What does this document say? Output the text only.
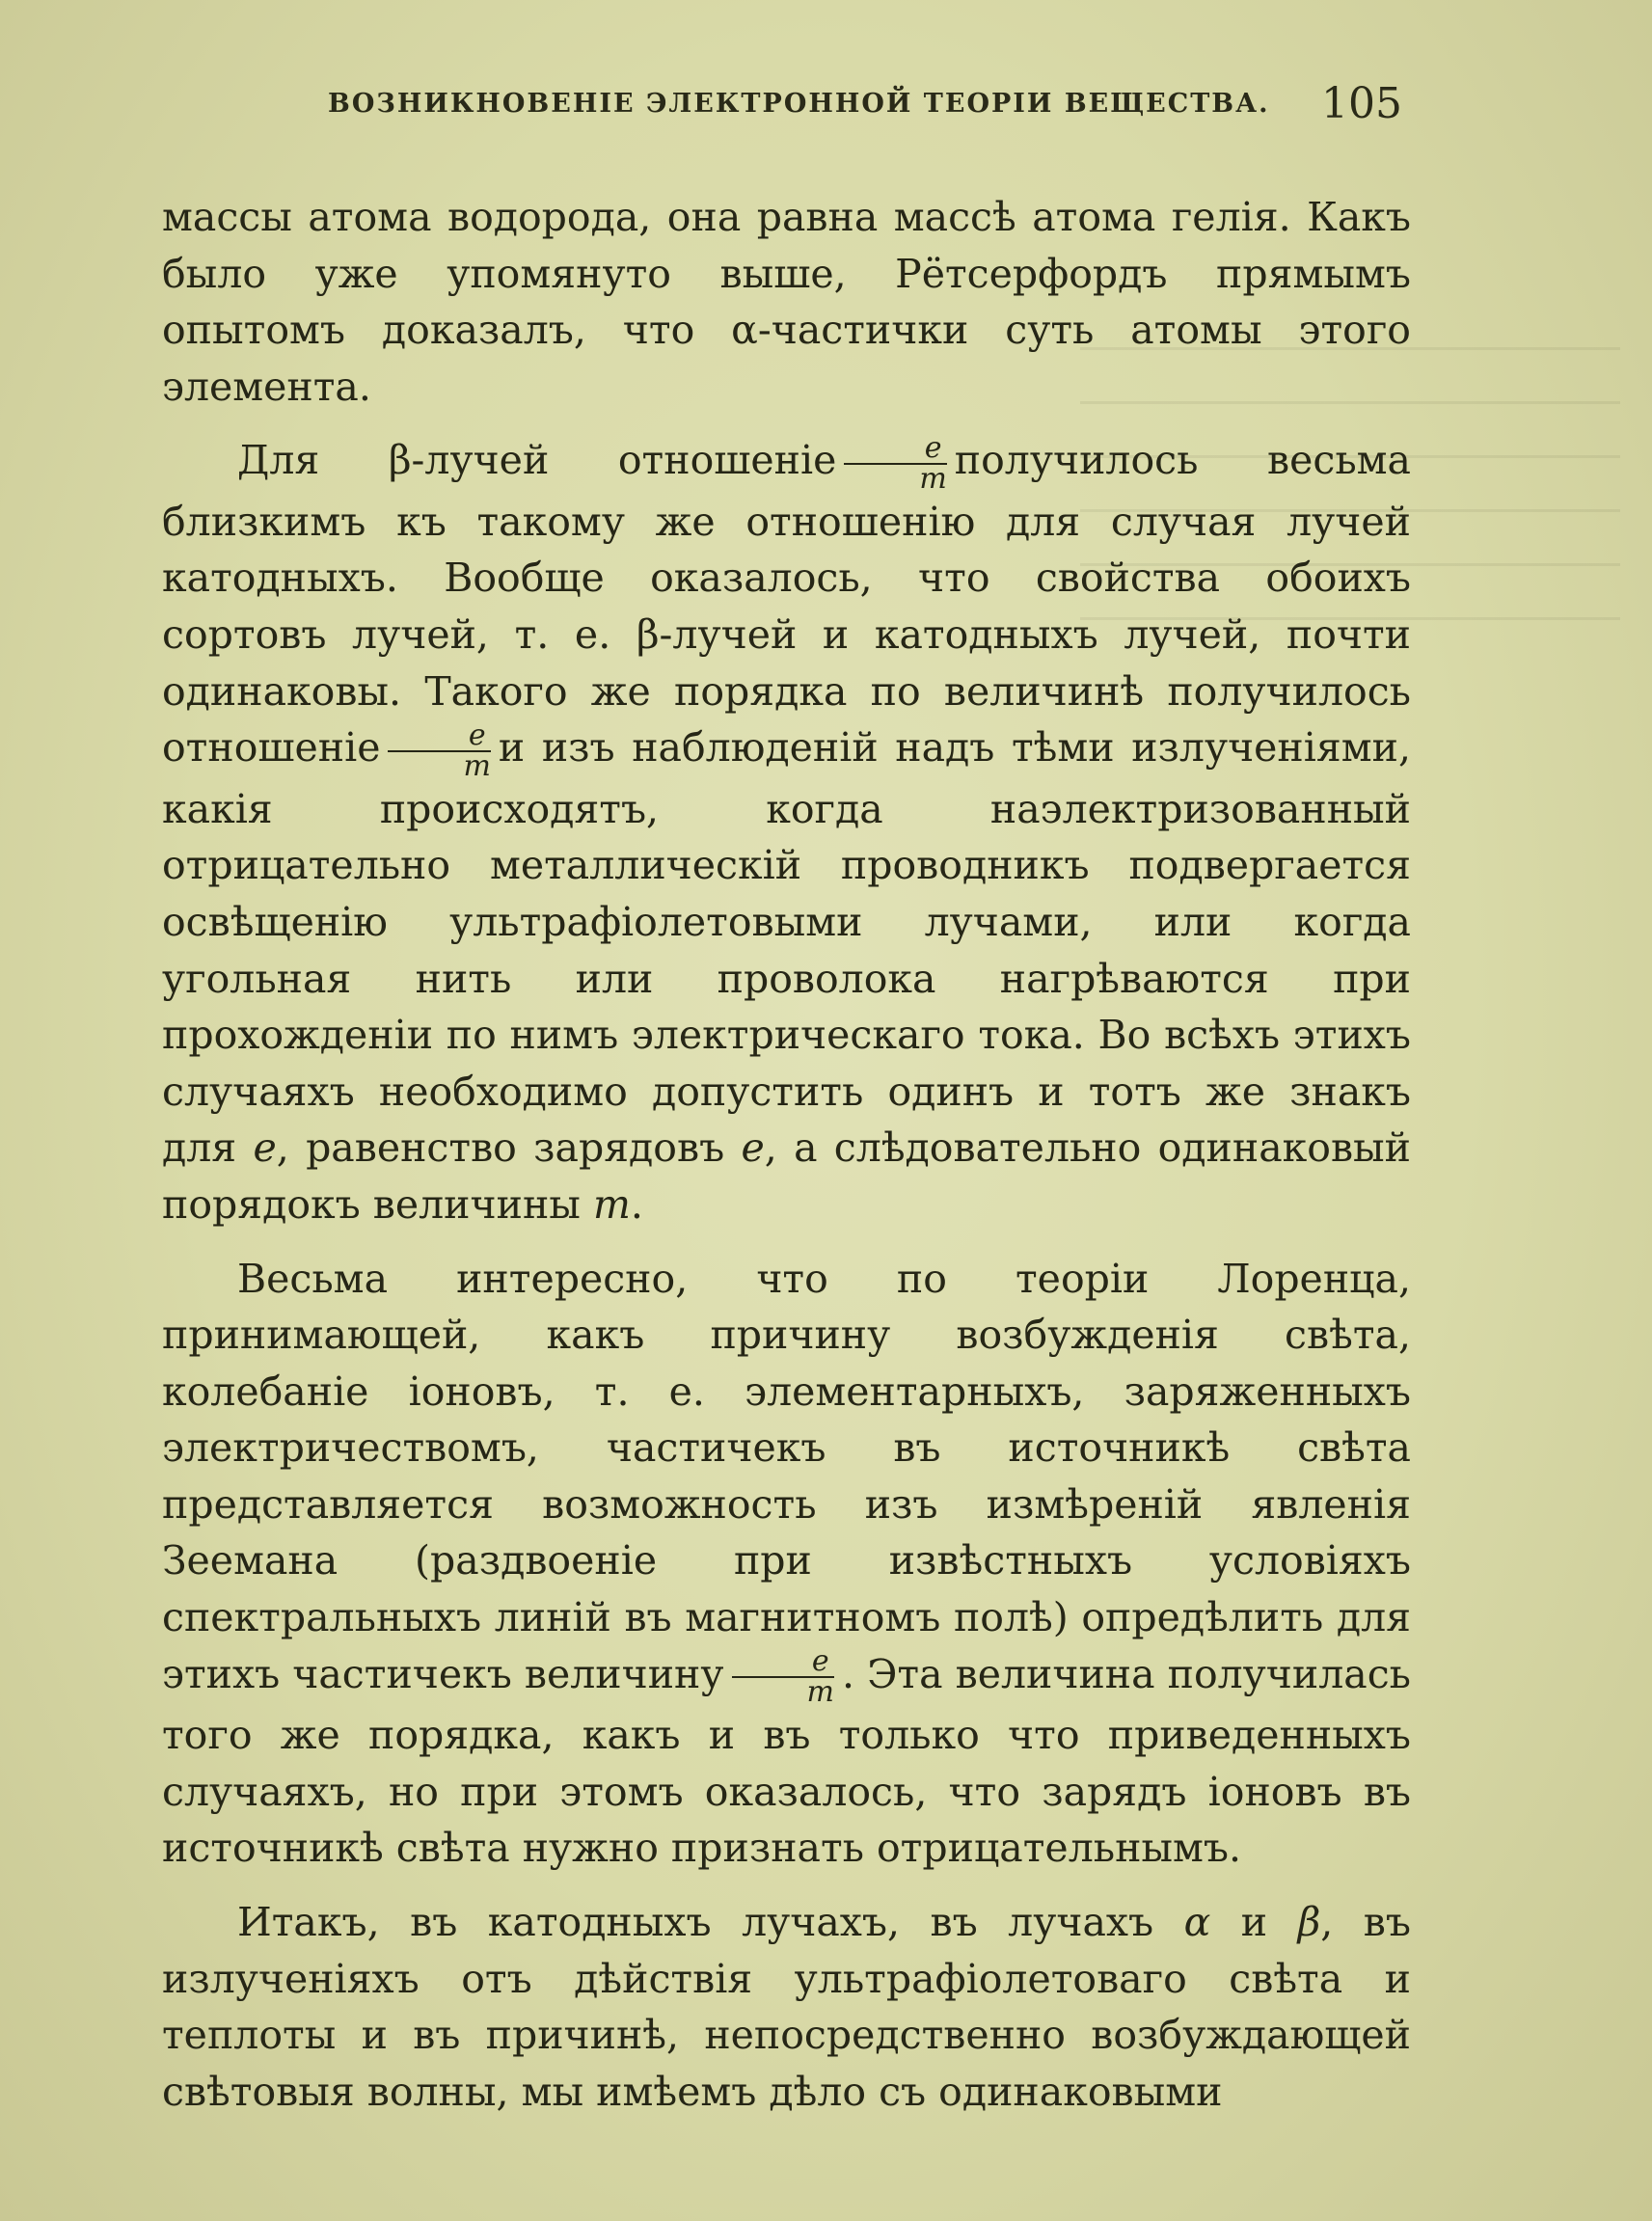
ВОЗНИКНОВЕНІЕ ЭЛЕКТРОННОЙ ТЕОРІИ ВЕЩЕСТВА. 105

массы атома водорода, она равна массѣ атома гелія. Какъ было уже упомянуто выше, Рётсерфордъ прямымъ опытомъ доказалъ, что α-частички суть атомы этого элемента.

Для β-лучей отношеніе $\frac{e}{m}$ получилось весьма близкимъ къ такому же отношенію для случая лучей катодныхъ. Вообще оказалось, что свойства обоихъ сортовъ лучей, т. е. β-лучей и катодныхъ лучей, почти одинаковы. Такого же порядка по величинѣ получилось отношеніе $\frac{e}{m}$ и изъ наблюденій надъ тѣми излученіями, какія происходятъ, когда наэлектризованный отрицательно металлическій проводникъ подвергается освѣщенію ультрафіолетовыми лучами, или когда угольная нить или проволока нагрѣваются при прохожденіи по нимъ электрическаго тока. Во всѣхъ этихъ случаяхъ необходимо допустить одинъ и тотъ же знакъ для e, равенство зарядовъ e, а слѣдовательно одинаковый порядокъ величины m.

Весьма интересно, что по теоріи Лоренца, принимающей, какъ причину возбужденія свѣта, колебаніе іоновъ, т. е. элементарныхъ, заряженныхъ электричествомъ, частичекъ въ источникѣ свѣта представляется возможность изъ измѣреній явленія Зеемана (раздвоеніе при извѣстныхъ условіяхъ спектральныхъ линій въ магнитномъ полѣ) опредѣлить для этихъ частичекъ величину $\frac{e}{m}$ . Эта величина получилась того же порядка, какъ и въ только что приведенныхъ случаяхъ, но при этомъ оказалось, что зарядъ іоновъ въ источникѣ свѣта нужно признать отрицательнымъ.

Итакъ, въ катодныхъ лучахъ, въ лучахъ α и β, въ излученіяхъ отъ дѣйствія ультрафіолетоваго свѣта и теплоты и въ причинѣ, непосредственно возбуждающей свѣтовыя волны, мы имѣемъ дѣло съ одинаковыми
